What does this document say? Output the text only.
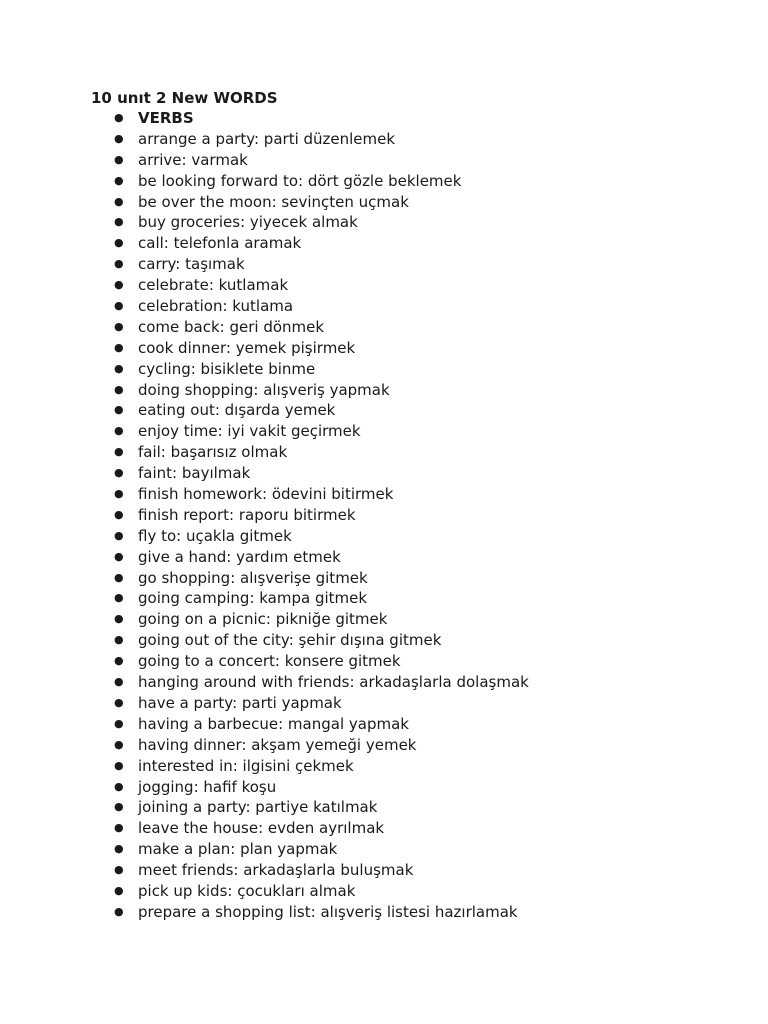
10 unıt 2 New WORDS
● VERBS
● arrange a party: parti düzenlemek
● arrive: varmak
● be looking forward to: dört gözle beklemek
● be over the moon: sevinçten uçmak
● buy groceries: yiyecek almak
● call: telefonla aramak
● carry: taşımak
● celebrate: kutlamak
● celebration: kutlama
● come back: geri dönmek
● cook dinner: yemek pişirmek
● cycling: bisiklete binme
● doing shopping: alışveriş yapmak
● eating out: dışarda yemek
● enjoy time: iyi vakit geçirmek
● fail: başarısız olmak
● faint: bayılmak
● finish homework: ödevini bitirmek
● finish report: raporu bitirmek
● fly to: uçakla gitmek
● give a hand: yardım etmek
● go shopping: alışverişe gitmek
● going camping: kampa gitmek
● going on a picnic: pikniğe gitmek
● going out of the city: şehir dışına gitmek
● going to a concert: konsere gitmek
● hanging around with friends: arkadaşlarla dolaşmak
● have a party: parti yapmak
● having a barbecue: mangal yapmak
● having dinner: akşam yemeği yemek
● interested in: ilgisini çekmek
● jogging: hafif koşu
● joining a party: partiye katılmak
● leave the house: evden ayrılmak
● make a plan: plan yapmak
● meet friends: arkadaşlarla buluşmak
● pick up kids: çocukları almak
● prepare a shopping list: alışveriş listesi hazırlamak
